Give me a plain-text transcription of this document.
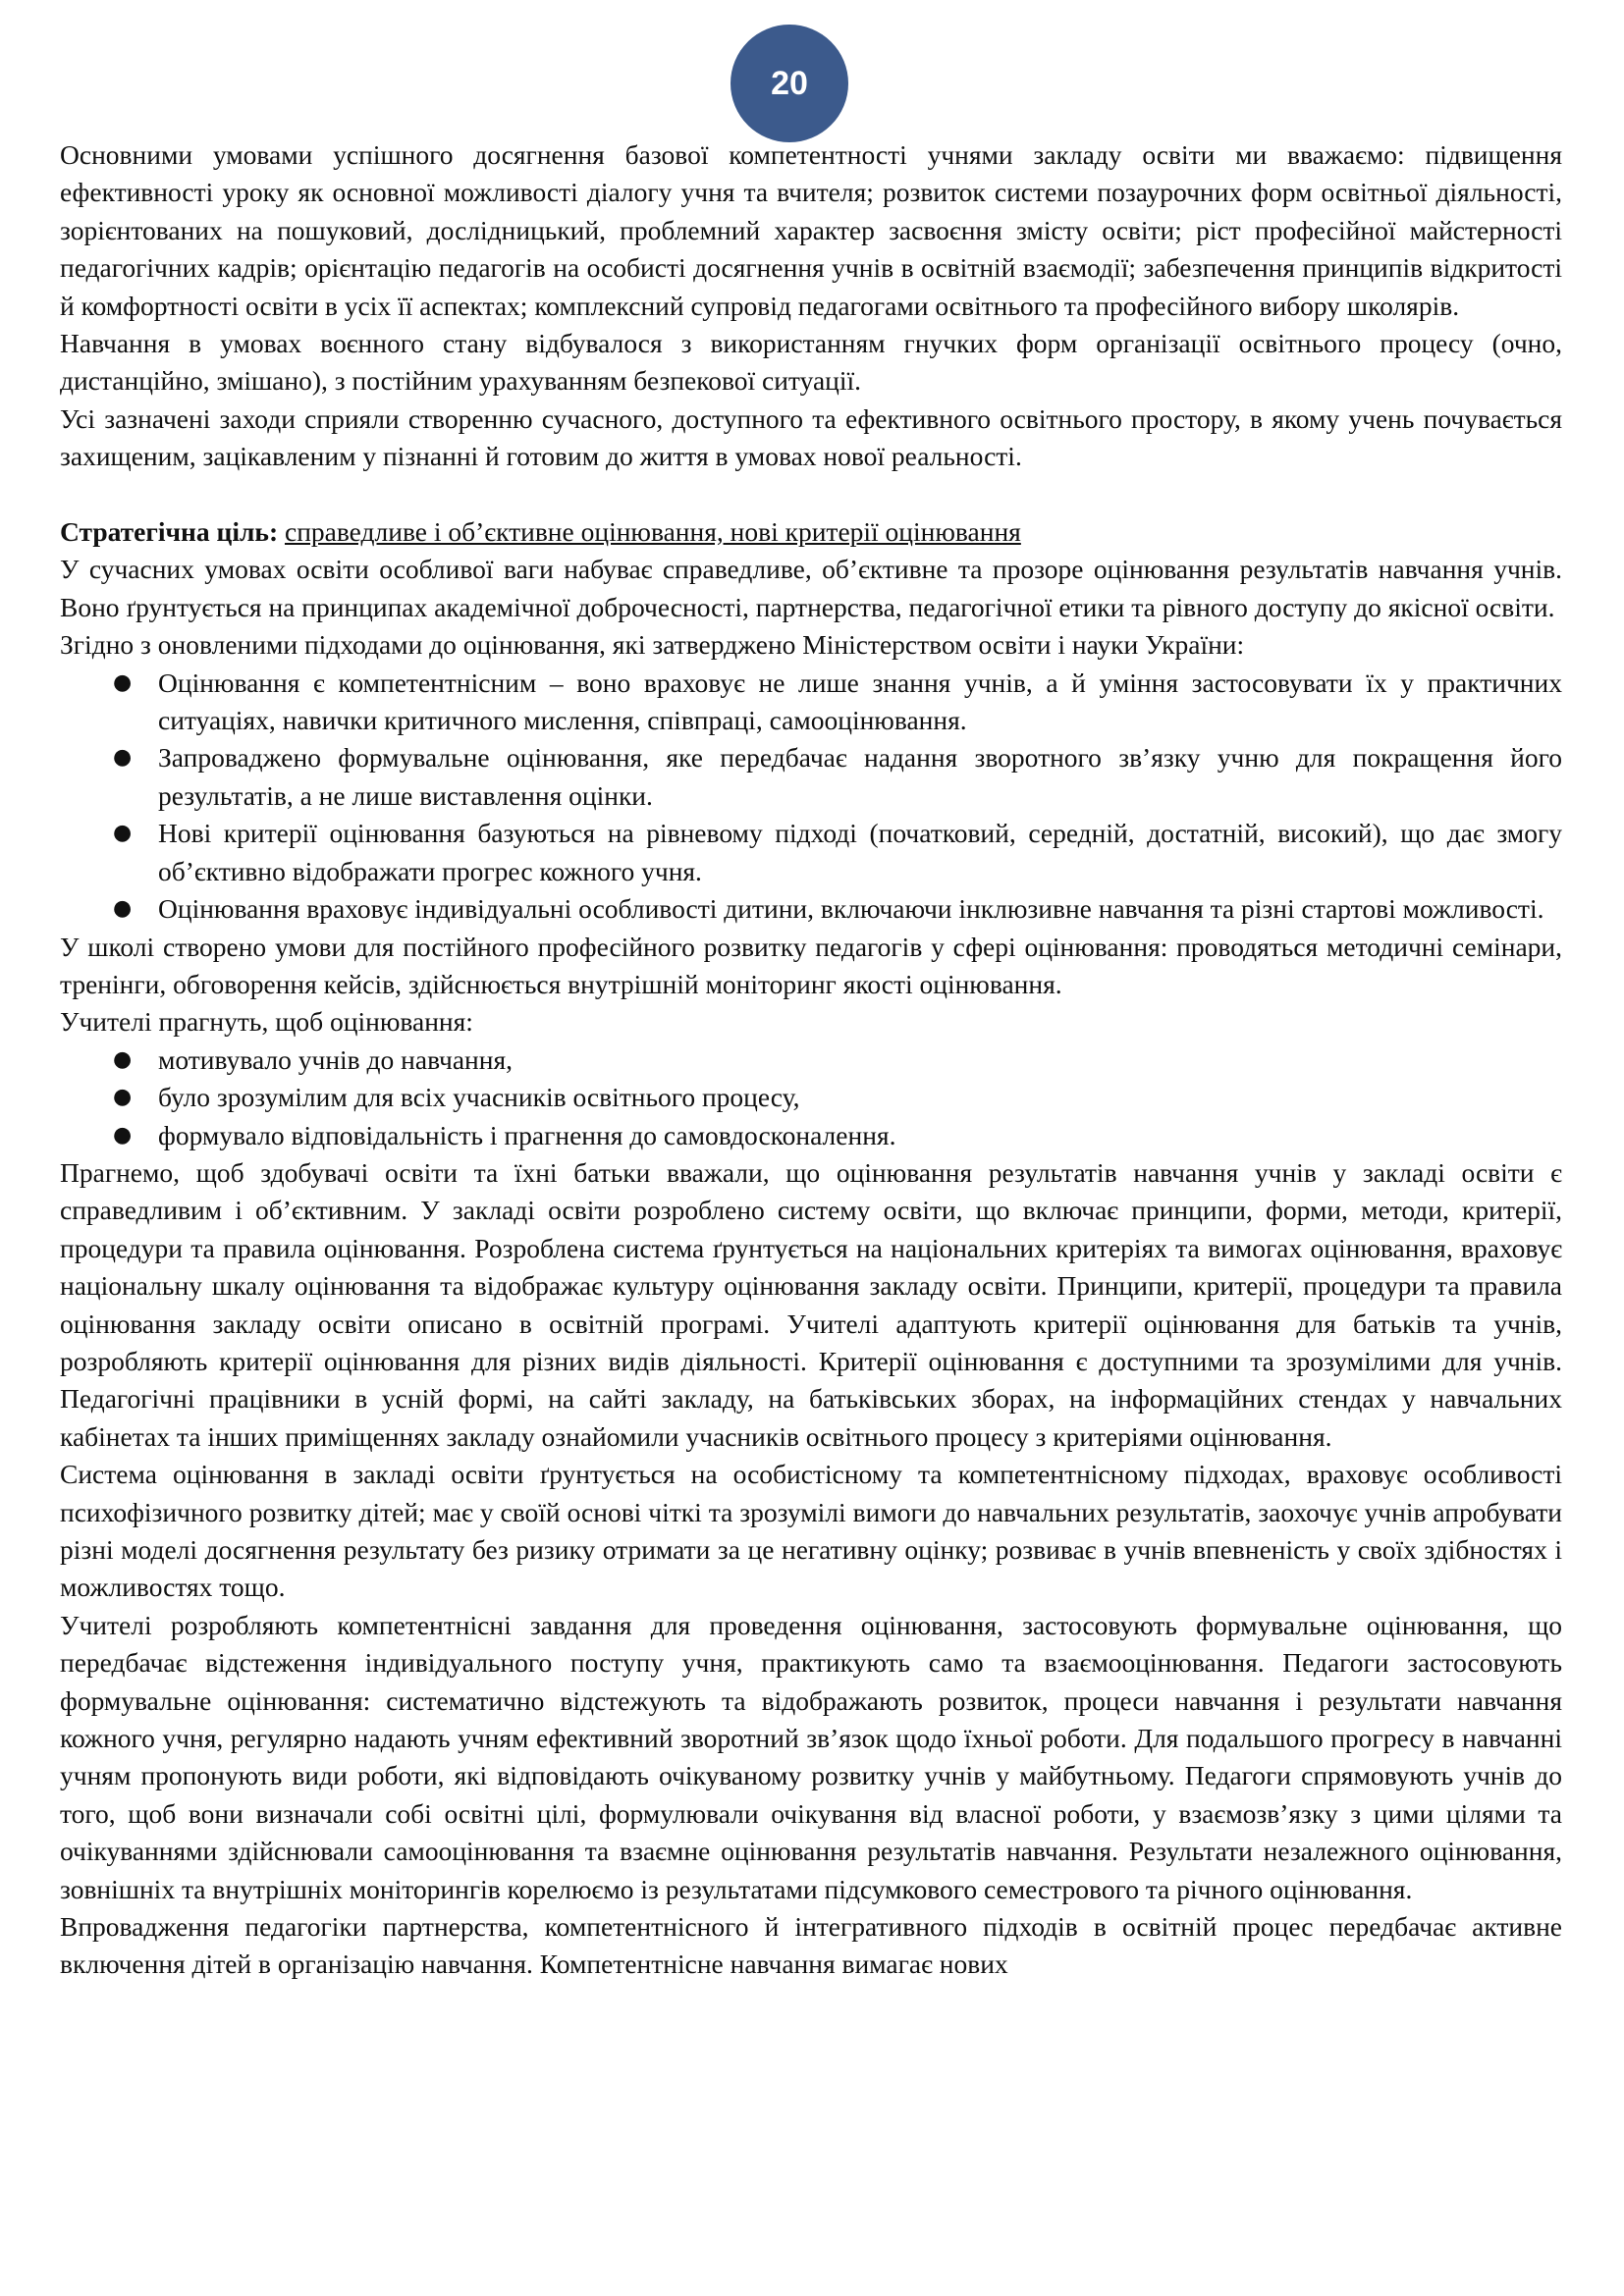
20

Основними умовами успішного досягнення базової компетентності учнями закладу освіти ми вважаємо: підвищення ефективності уроку як основної можливості діалогу учня та вчителя; розвиток системи позаурочних форм освітньої діяльності, зорієнтованих на пошуковий, дослідницький, проблемний характер засвоєння змісту освіти; ріст професійної майстерності педагогічних кадрів; орієнтацію педагогів на особисті досягнення учнів в освітній взаємодії; забезпечення принципів відкритості й комфортності освіти в усіх її аспектах; комплексний супровід педагогами освітнього та професійного вибору школярів.

Навчання в умовах воєнного стану відбувалося з використанням гнучких форм організації освітнього процесу (очно, дистанційно, змішано), з постійним урахуванням безпекової ситуації.

Усі зазначені заходи сприяли створенню сучасного, доступного та ефективного освітнього простору, в якому учень почувається захищеним, зацікавленим у пізнанні й готовим до життя в умовах нової реальності.

Стратегічна ціль: справедливе і об’єктивне оцінювання, нові критерії оцінювання

У сучасних умовах освіти особливої ваги набуває справедливе, об’єктивне та прозоре оцінювання результатів навчання учнів. Воно ґрунтується на принципах академічної доброчесності, партнерства, педагогічної етики та рівного доступу до якісної освіти.

Згідно з оновленими підходами до оцінювання, які затверджено Міністерством освіти і науки України:

● Оцінювання є компетентнісним – воно враховує не лише знання учнів, а й уміння застосовувати їх у практичних ситуаціях, навички критичного мислення, співпраці, самооцінювання.
● Запроваджено формувальне оцінювання, яке передбачає надання зворотного зв’язку учню для покращення його результатів, а не лише виставлення оцінки.
● Нові критерії оцінювання базуються на рівневому підході (початковий, середній, достатній, високий), що дає змогу об’єктивно відображати прогрес кожного учня.
● Оцінювання враховує індивідуальні особливості дитини, включаючи інклюзивне навчання та різні стартові можливості.

У школі створено умови для постійного професійного розвитку педагогів у сфері оцінювання: проводяться методичні семінари, тренінги, обговорення кейсів, здійснюється внутрішній моніторинг якості оцінювання.

Учителі прагнуть, щоб оцінювання:

● мотивувало учнів до навчання,
● було зрозумілим для всіх учасників освітнього процесу,
● формувало відповідальність і прагнення до самовдосконалення.

Прагнемо, щоб здобувачі освіти та їхні батьки вважали, що оцінювання результатів навчання учнів у закладі освіти є справедливим і об’єктивним. У закладі освіти розроблено систему освіти, що включає принципи, форми, методи, критерії, процедури та правила оцінювання. Розроблена система ґрунтується на національних критеріях та вимогах оцінювання, враховує національну шкалу оцінювання та відображає культуру оцінювання закладу освіти. Принципи, критерії, процедури та правила оцінювання закладу освіти описано в освітній програмі. Учителі адаптують критерії оцінювання для батьків та учнів, розробляють критерії оцінювання для різних видів діяльності. Критерії оцінювання є доступними та зрозумілими для учнів. Педагогічні працівники в усній формі, на сайті закладу, на батьківських зборах, на інформаційних стендах у навчальних кабінетах та інших приміщеннях закладу ознайомили учасників освітнього процесу з критеріями оцінювання.

Система оцінювання в закладі освіти ґрунтується на особистісному та компетентнісному підходах, враховує особливості психофізичного розвитку дітей; має у своїй основі чіткі та зрозумілі вимоги до навчальних результатів, заохочує учнів апробувати різні моделі досягнення результату без ризику отримати за це негативну оцінку; розвиває в учнів впевненість у своїх здібностях і можливостях тощо.

Учителі розробляють компетентнісні завдання для проведення оцінювання, застосовують формувальне оцінювання, що передбачає відстеження індивідуального поступу учня, практикують само та взаємооцінювання. Педагоги застосовують формувальне оцінювання: систематично відстежують та відображають розвиток, процеси навчання і результати навчання кожного учня, регулярно надають учням ефективний зворотний зв’язок щодо їхньої роботи. Для подальшого прогресу в навчанні учням пропонують види роботи, які відповідають очікуваному розвитку учнів у майбутньому. Педагоги спрямовують учнів до того, щоб вони визначали собі освітні цілі, формулювали очікування від власної роботи, у взаємозв’язку з цими цілями та очікуваннями здійснювали самооцінювання та взаємне оцінювання результатів навчання. Результати незалежного оцінювання, зовнішніх та внутрішніх моніторингів корелюємо із результатами підсумкового семестрового та річного оцінювання.

Впровадження педагогіки партнерства, компетентнісного й інтегративного підходів в освітній процес передбачає активне включення дітей в організацію навчання. Компетентнісне навчання вимагає нових
